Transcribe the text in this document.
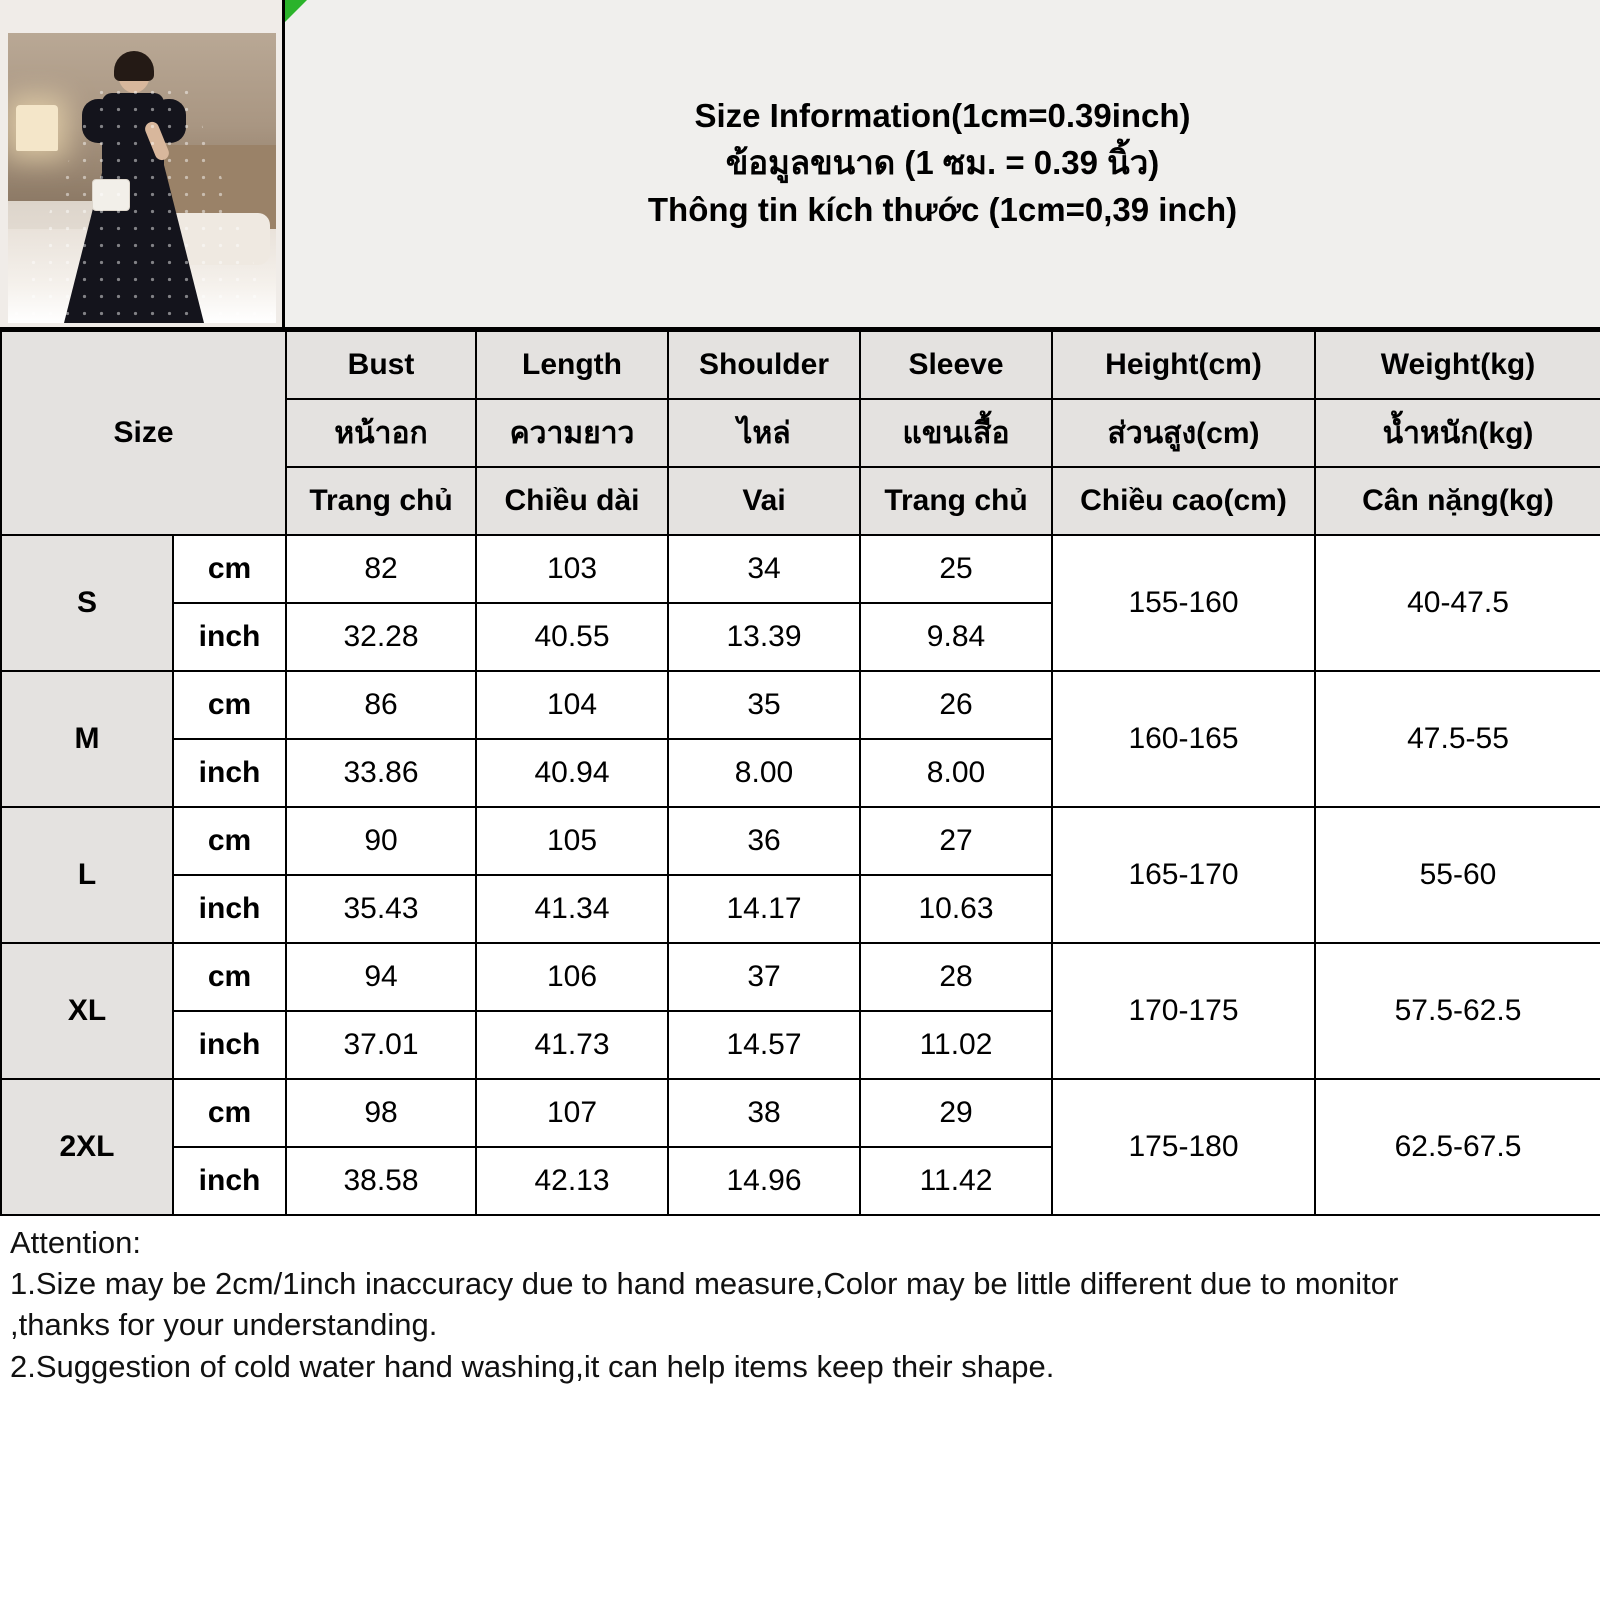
Size Information(1cm=0.39inch)
ข้อมูลขนาด (1 ซม. = 0.39 นิ้ว)
Thông tin kích thước (1cm=0,39 inch)
Size		Bust	Length	Shoulder	Sleeve	Height(cm)	Weight(kg)
		หน้าอก	ความยาว	ไหล่	แขนเสื้อ	ส่วนสูง(cm)	น้ำหนัก(kg)
		Trang chủ	Chiều dài	Vai	Trang chủ	Chiều cao(cm)	Cân nặng(kg)
S	cm	82	103	34	25	155-160	40-47.5
	inch	32.28	40.55	13.39	9.84		
M	cm	86	104	35	26	160-165	47.5-55
	inch	33.86	40.94	8.00	8.00		
L	cm	90	105	36	27	165-170	55-60
	inch	35.43	41.34	14.17	10.63		
XL	cm	94	106	37	28	170-175	57.5-62.5
	inch	37.01	41.73	14.57	11.02		
2XL	cm	98	107	38	29	175-180	62.5-67.5
	inch	38.58	42.13	14.96	11.42		
Attention:
1.Size may be 2cm/1inch inaccuracy due to hand measure,Color may be little different due to monitor
,thanks for your understanding.
2.Suggestion of cold water hand washing,it can help items keep their shape.
